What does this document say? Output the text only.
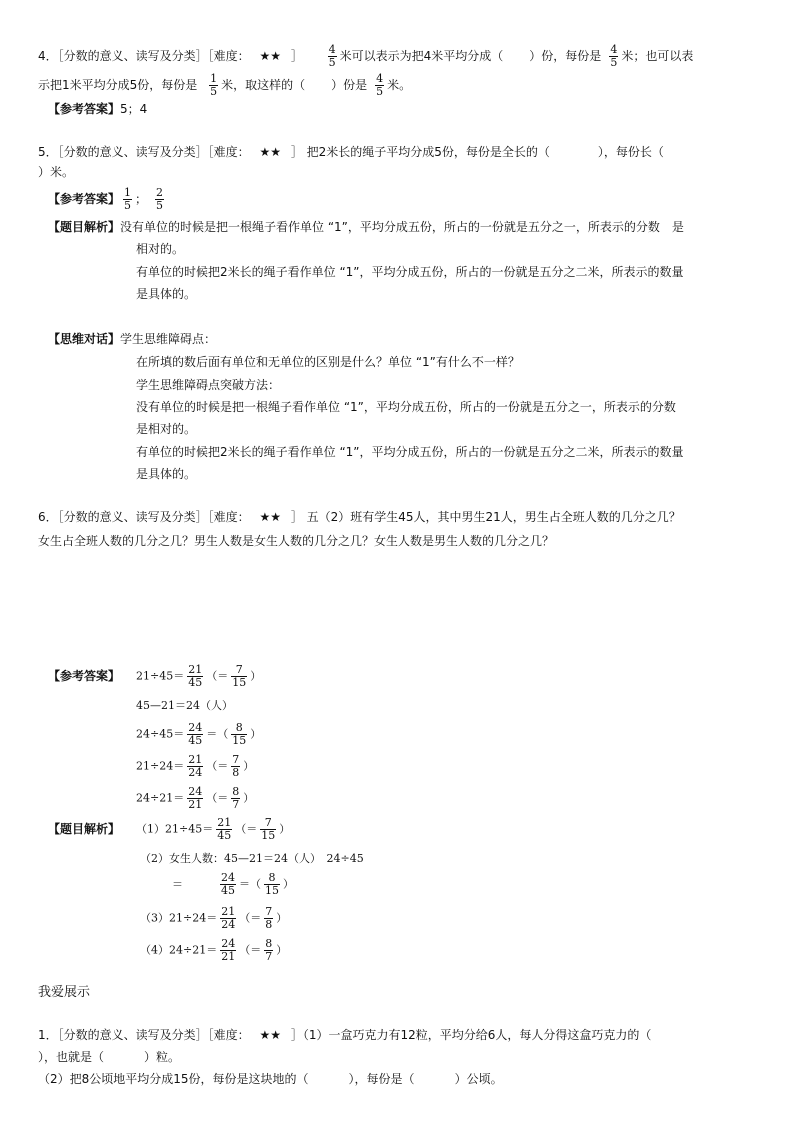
4．［分数的意义、读写及分类］［难度： ★★ ］ $\frac{4}{5}$ 米可以表示为把4米平均分成（ ）份，每份是 $\frac{4}{5}$ 米；也可以表
示把1米平均分成5份，每份是 $\frac{1}{5}$ 米，取这样的（ ）份是 $\frac{4}{5}$ 米。
【参考答案】5；4
5．［分数的意义、读写及分类］［难度： ★★ ］ 把2米长的绳子平均分成5份，每份是全长的（	），每份长（
）米。
【参考答案】 $\frac{1}{5}$ ； $\frac{2}{5}$
【题目解析】没有单位的时候是把一根绳子看作单位 “1”，平均分成五份，所占的一份就是五分之一，所表示的分数 是
相对的。
有单位的时候把2米长的绳子看作单位 “1”，平均分成五份，所占的一份就是五分之二米，所表示的数量
是具体的。
【思维对话】学生思维障碍点：
在所填的数后面有单位和无单位的区别是什么？单位 “1”有什么不一样？
学生思维障碍点突破方法：
没有单位的时候是把一根绳子看作单位 “1”，平均分成五份，所占的一份就是五分之一，所表示的分数
是相对的。
有单位的时候把2米长的绳子看作单位 “1”，平均分成五份，所占的一份就是五分之二米，所表示的数量
是具体的。
6．［分数的意义、读写及分类］［难度： ★★ ］ 五（2）班有学生45人，其中男生21人，男生占全班人数的几分之几？
女生占全班人数的几分之几？男生人数是女生人数的几分之几？女生人数是男生人数的几分之几？
【参考答案】 $21\div 45= \frac{21}{45}$ （＝ $\frac{7}{15}$ ）
45—21＝24（人）
$24\div 45= \frac{24}{45}$ ＝（ $\frac{8}{15}$ ）
$21\div 24= \frac{21}{24}$ （＝ $\frac{7}{8}$ ）
$24\div 21= \frac{24}{21}$ （＝ $\frac{8}{7}$ ）
【题目解析】 $(1)21\div 45= \frac{21}{45}$ （＝ $\frac{7}{15}$ ）
（2）女生人数：45—21＝24（人）　24÷45
＝	$\frac{24}{45}$ ＝（ $\frac{8}{15}$ ）
$(3)21\div 24= \frac{21}{24}$ （＝ $\frac{7}{8}$ ）
$(4)24\div 21= \frac{24}{21}$ （＝ $\frac{8}{7}$ ）
我爱展示
1．［分数的意义、读写及分类］［难度： ★★ ］（1）一盒巧克力有12粒，平均分给6人，每人分得这盒巧克力的（
），也就是（	）粒。
（2）把8公顷地平均分成15份，每份是这块地的（	），每份是（	）公顷。
